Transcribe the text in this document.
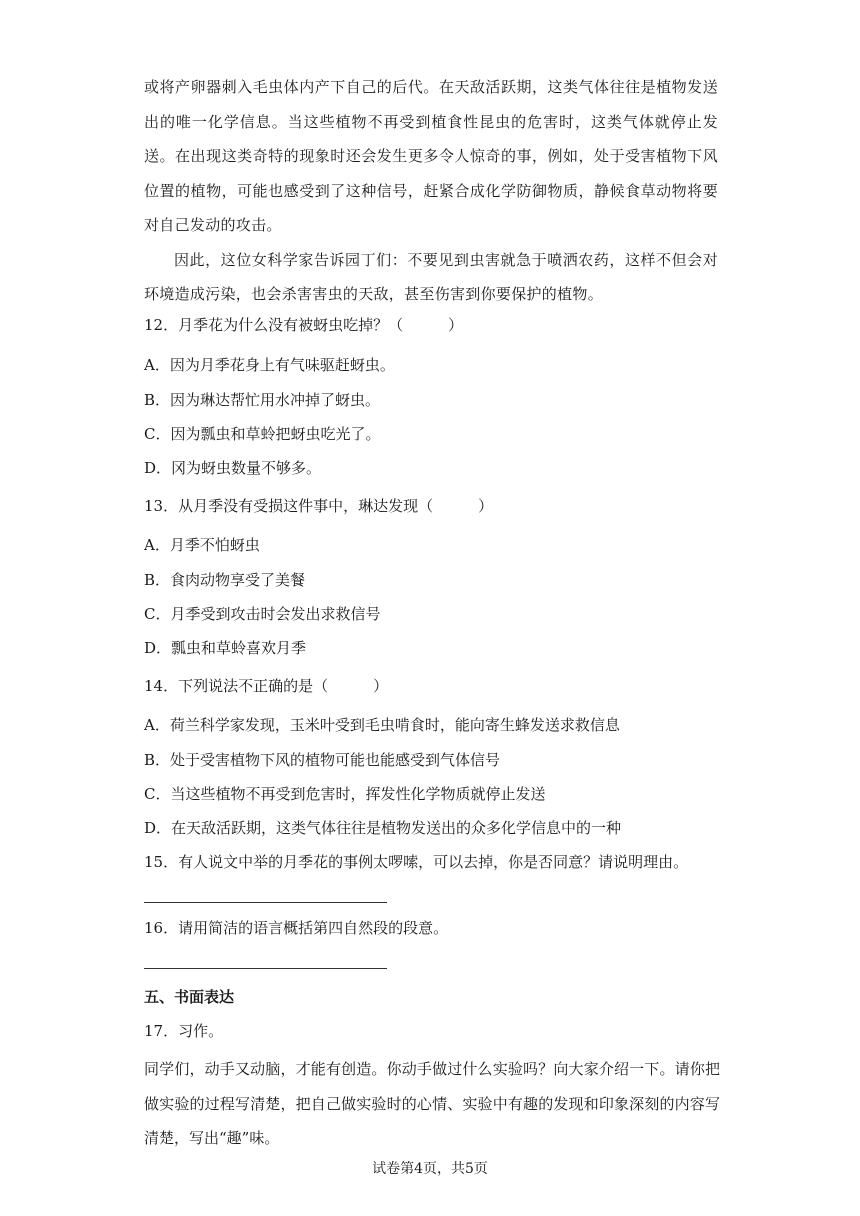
或将产卵器刺入毛虫体内产下自己的后代。在天敌活跃期，这类气体往往是植物发送出的唯一化学信息。当这些植物不再受到植食性昆虫的危害时，这类气体就停止发送。在出现这类奇特的现象时还会发生更多令人惊奇的事，例如，处于受害植物下风位置的植物，可能也感受到了这种信号，赶紧合成化学防御物质，静候食草动物将要对自己发动的攻击。

因此，这位女科学家告诉园丁们：不要见到虫害就急于喷洒农药，这样不但会对环境造成污染，也会杀害害虫的天敌，甚至伤害到你要保护的植物。

12．月季花为什么没有被蚜虫吃掉？（　　　）
A．因为月季花身上有气味驱赶蚜虫。
B．因为琳达帮忙用水冲掉了蚜虫。
C．因为瓢虫和草蛉把蚜虫吃光了。
D．冈为蚜虫数量不够多。
13．从月季没有受损这件事中，琳达发现（　　　）
A．月季不怕蚜虫
B．食肉动物享受了美餐
C．月季受到攻击时会发出求救信号
D．瓢虫和草蛉喜欢月季
14．下列说法不正确的是（　　　）
A．荷兰科学家发现，玉米叶受到毛虫啃食时，能向寄生蜂发送求救信息
B．处于受害植物下风的植物可能也能感受到气体信号
C．当这些植物不再受到危害时，挥发性化学物质就停止发送
D．在天敌活跃期，这类气体往往是植物发送出的众多化学信息中的一种
15．有人说文中举的月季花的事例太啰嗦，可以去掉，你是否同意？请说明理由。
16．请用简洁的语言概括第四自然段的段意。
五、书面表达
17．习作。
同学们，动手又动脑，才能有创造。你动手做过什么实验吗？向大家介绍一下。请你把做实验的过程写清楚，把自己做实验时的心情、实验中有趣的发现和印象深刻的内容写清楚，写出“趣”味。
试卷第4页，共5页
